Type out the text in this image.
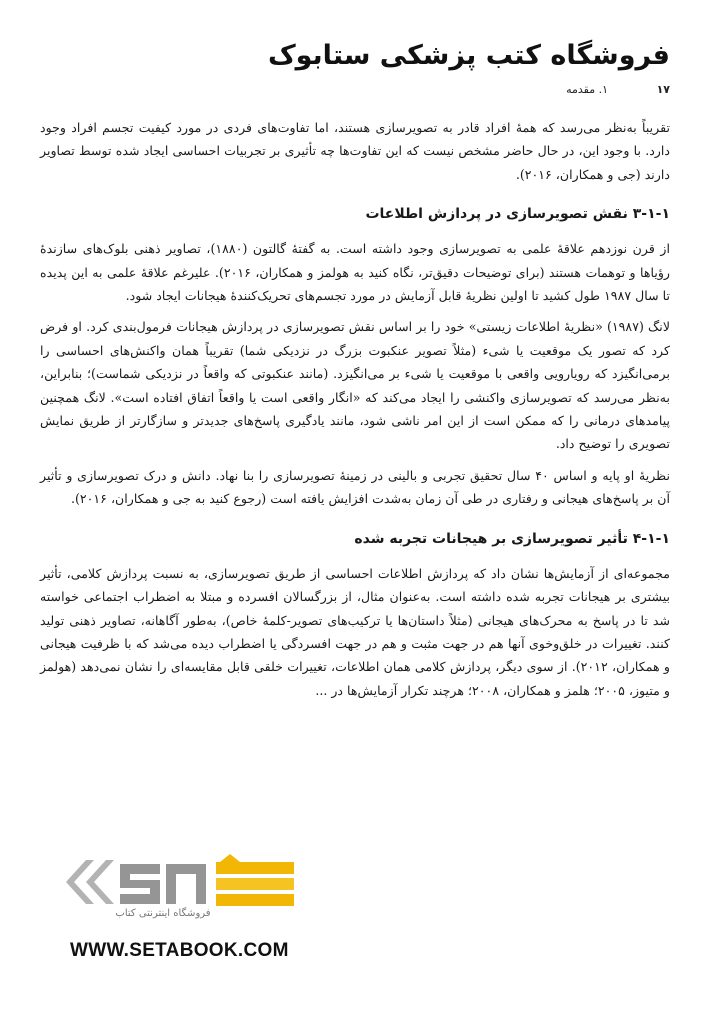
فروشگاه کتب پزشکی ستابوک
۱۷
۱. مقدمه

تقریباً به‌نظر می‌رسد که همهٔ افراد قادر به تصویرسازی هستند، اما تفاوت‌های فردی در مورد کیفیت تجسم افراد وجود دارد. با وجود این، در حال حاضر مشخص نیست که این تفاوت‌ها چه تأثیری بر تجربیات احساسی ایجاد شده توسط تصاویر دارند (جی و همکاران، ۲۰۱۶).

۳-۱-۱ نقش تصویرسازی در پردازش اطلاعات

از قرن نوزدهم علاقهٔ علمی به تصویرسازی وجود داشته است. به گفتهٔ گالتون (۱۸۸۰)، تصاویر ذهنی بلوک‌های سازندهٔ رؤیاها و توهمات هستند (برای توضیحات دقیق‌تر، نگاه کنید به هولمز و همکاران، ۲۰۱۶). علیرغم علاقهٔ علمی به این پدیده تا سال ۱۹۸۷ طول کشید تا اولین نظریهٔ قابل آزمایش در مورد تجسم‌های تحریک‌کنندهٔ هیجانات ایجاد شود.

لانگ (۱۹۸۷) «نظریهٔ اطلاعات زیستی» خود را بر اساس نقش تصویرسازی در پردازش هیجانات فرمول‌بندی کرد. او فرض کرد که تصور یک موقعیت یا شیء (مثلاً تصویر عنکبوت بزرگ در نزدیکی شما) تقریباً همان واکنش‌های احساسی را برمی‌انگیزد که رویارویی واقعی با موقعیت یا شیء بر می‌انگیزد. (مانند عنکبوتی که واقعاً در نزدیکی شماست)؛ بنابراین، به‌نظر می‌رسد که تصویرسازی واکنشی را ایجاد می‌کند که «انگار واقعی است یا واقعاً اتفاق افتاده است». لانگ همچنین پیامدهای درمانی را که ممکن است از این امر ناشی شود، مانند یادگیری پاسخ‌های جدیدتر و سازگارتر از طریق نمایش تصویری را توضیح داد.

نظریهٔ او پایه و اساس ۴۰ سال تحقیق تجربی و بالینی در زمینهٔ تصویرسازی را بنا نهاد. دانش و درک تصویرسازی و تأثیر آن بر پاسخ‌های هیجانی و رفتاری در طی آن زمان به‌شدت افزایش یافته است (رجوع کنید به جی و همکاران، ۲۰۱۶).

۴-۱-۱ تأثیر تصویرسازی بر هیجانات تجربه شده

مجموعه‌ای از آزمایش‌ها نشان داد که پردازش اطلاعات احساسی از طریق تصویرسازی، به نسبت پردازش کلامی، تأثیر بیشتری بر هیجانات تجربه شده داشته است. به‌عنوان مثال، از بزرگسالان افسرده و مبتلا به اضطراب اجتماعی خواسته شد تا در پاسخ به محرک‌های هیجانی (مثلاً داستان‌ها یا ترکیب‌های تصویر-کلمهٔ خاص)، به‌طور آگاهانه، تصاویر ذهنی تولید کنند. تغییرات در خلق‌وخوی آنها هم در جهت مثبت و هم در جهت افسردگی یا اضطراب دیده می‌شد که با ظرفیت هیجانی و همکاران، ۲۰۱۲). از سوی دیگر، پردازش کلامی همان اطلاعات، تغییرات خلقی قابل مقایسه‌ای را نشان نمی‌دهد (هولمز و متیوز، ۲۰۰۵؛ هلمز و همکاران، ۲۰۰۸؛ هرچند تکرار آزمایش‌ها در ...

فروشگاه اینترنتی کتاب
WWW.SETABOOK.COM
